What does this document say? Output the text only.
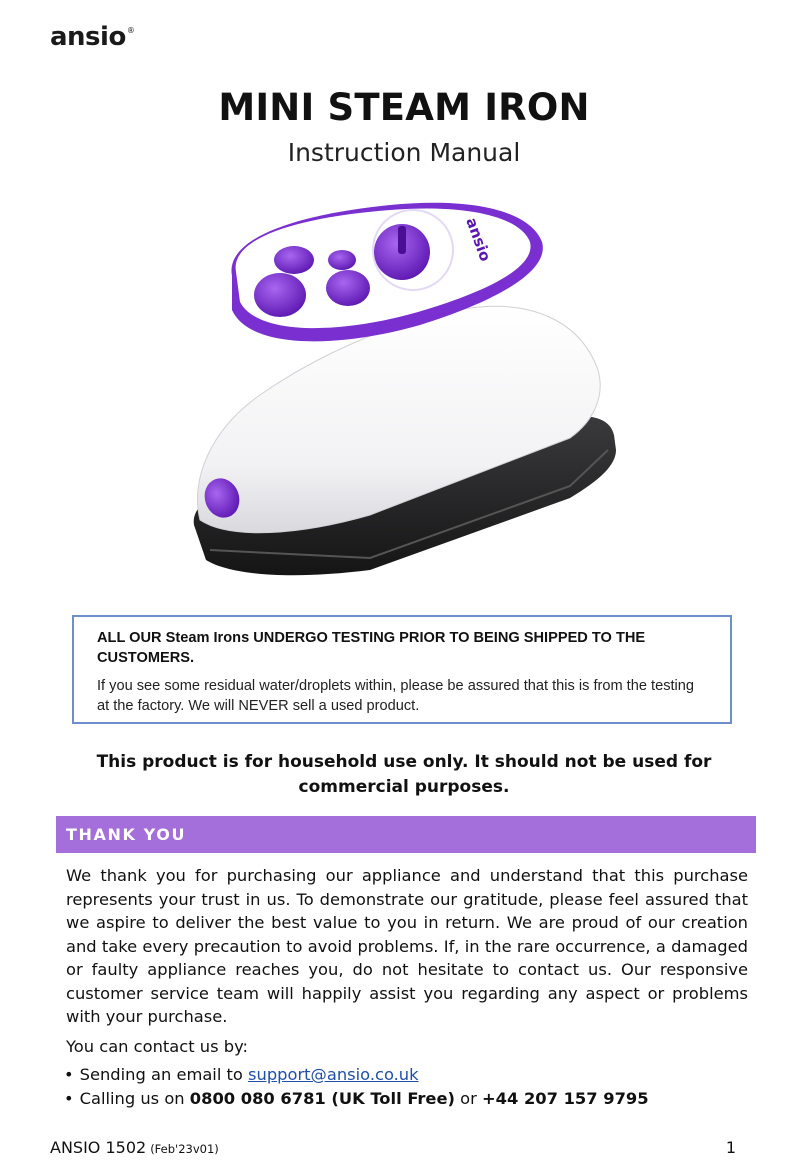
ansio®
MINI STEAM IRON
Instruction Manual
ansio
ALL OUR Steam Irons UNDERGO TESTING PRIOR TO BEING SHIPPED TO THE CUSTOMERS.
If you see some residual water/droplets within, please be assured that this is from the testing at the factory. We will NEVER sell a used product.
This product is for household use only. It should not be used for commercial purposes.
THANK YOU
We thank you for purchasing our appliance and understand that this purchase represents your trust in us. To demonstrate our gratitude, please feel assured that we aspire to deliver the best value to you in return. We are proud of our creation and take every precaution to avoid problems. If, in the rare occurrence, a damaged or faulty appliance reaches you, do not hesitate to contact us. Our responsive customer service team will happily assist you regarding any aspect or problems with your purchase.
You can contact us by:
• Sending an email to support@ansio.co.uk
• Calling us on 0800 080 6781 (UK Toll Free) or +44 207 157 9795
ANSIO 1502 (Feb'23v01)	1
